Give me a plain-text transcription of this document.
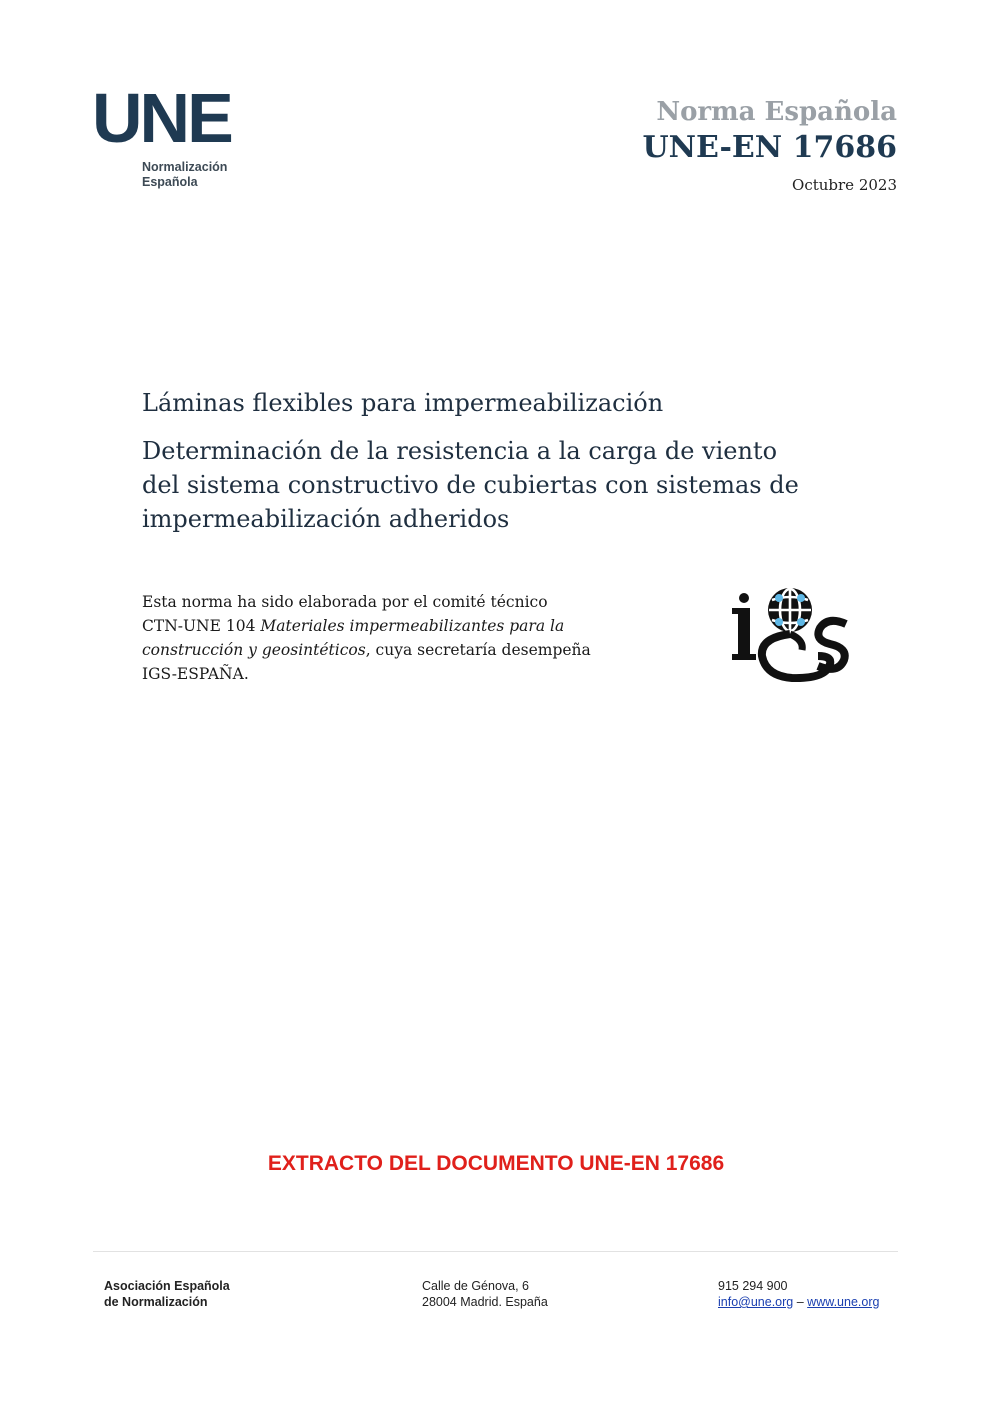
UNE
Normalización
Española
Norma Española
UNE-EN 17686
Octubre 2023
Láminas flexibles para impermeabilización
Determinación de la resistencia a la carga de viento
del sistema constructivo de cubiertas con sistemas de
impermeabilización adheridos
Esta norma ha sido elaborada por el comité técnico
CTN-UNE 104 Materiales impermeabilizantes para la
construcción y geosintéticos, cuya secretaría desempeña
IGS-ESPAÑA.
EXTRACTO DEL DOCUMENTO UNE-EN 17686
Asociación Española
de Normalización
Calle de Génova, 6
28004 Madrid. España
915 294 900
info@une.org – www.une.org
